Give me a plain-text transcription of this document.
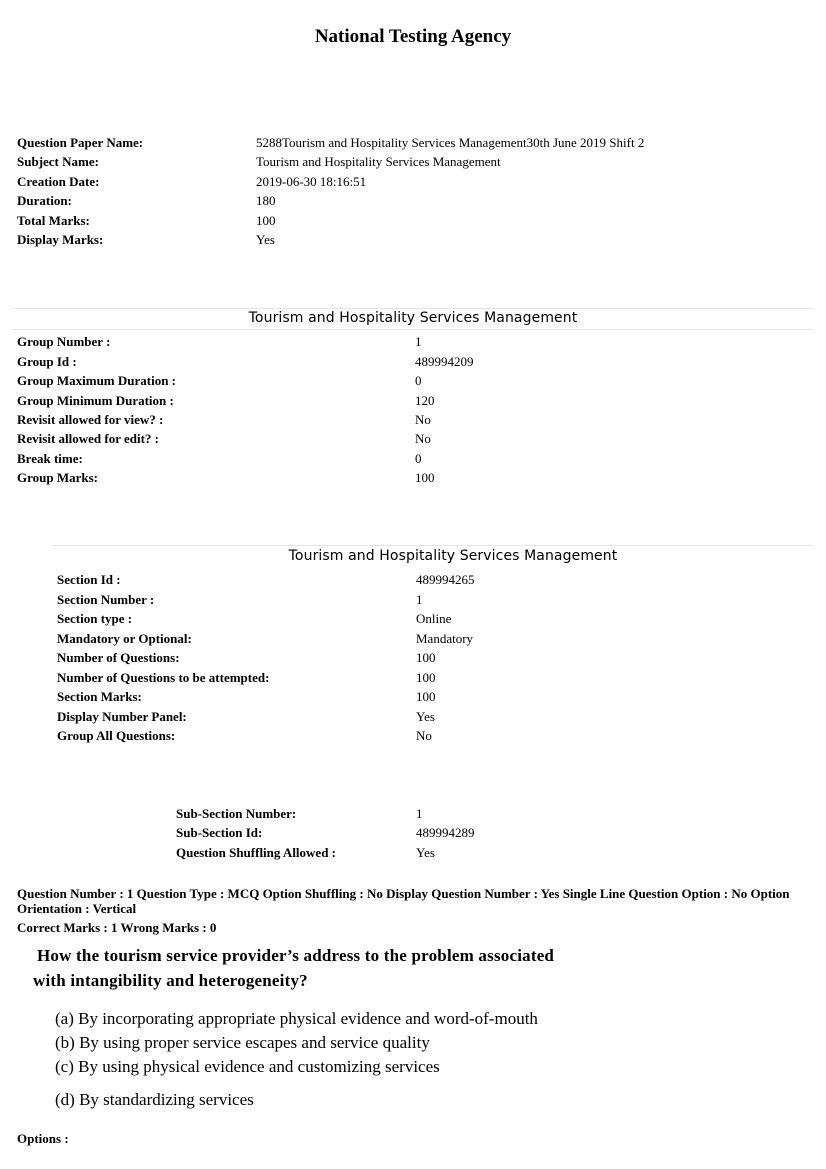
National Testing Agency
Question Paper Name:	5288Tourism and Hospitality Services Management30th June 2019 Shift 2
Subject Name:	Tourism and Hospitality Services Management
Creation Date:	2019-06-30 18:16:51
Duration:	180
Total Marks:	100
Display Marks:	Yes
Tourism and Hospitality Services Management
Group Number :	1
Group Id :	489994209
Group Maximum Duration :	0
Group Minimum Duration :	120
Revisit allowed for view? :	No
Revisit allowed for edit? :	No
Break time:	0
Group Marks:	100
Tourism and Hospitality Services Management
Section Id :	489994265
Section Number :	1
Section type :	Online
Mandatory or Optional:	Mandatory
Number of Questions:	100
Number of Questions to be attempted:	100
Section Marks:	100
Display Number Panel:	Yes
Group All Questions:	No
Sub-Section Number:	1
Sub-Section Id:	489994289
Question Shuffling Allowed :	Yes
Question Number : 1 Question Type : MCQ Option Shuffling : No Display Question Number : Yes Single Line Question Option : No Option Orientation : Vertical
Correct Marks : 1 Wrong Marks : 0
How the tourism service provider’s address to the problem associated
with intangibility and heterogeneity?
(a) By incorporating appropriate physical evidence and word-of-mouth
(b) By using proper service escapes and service quality
(c) By using physical evidence and customizing services
(d) By standardizing services
Options :
